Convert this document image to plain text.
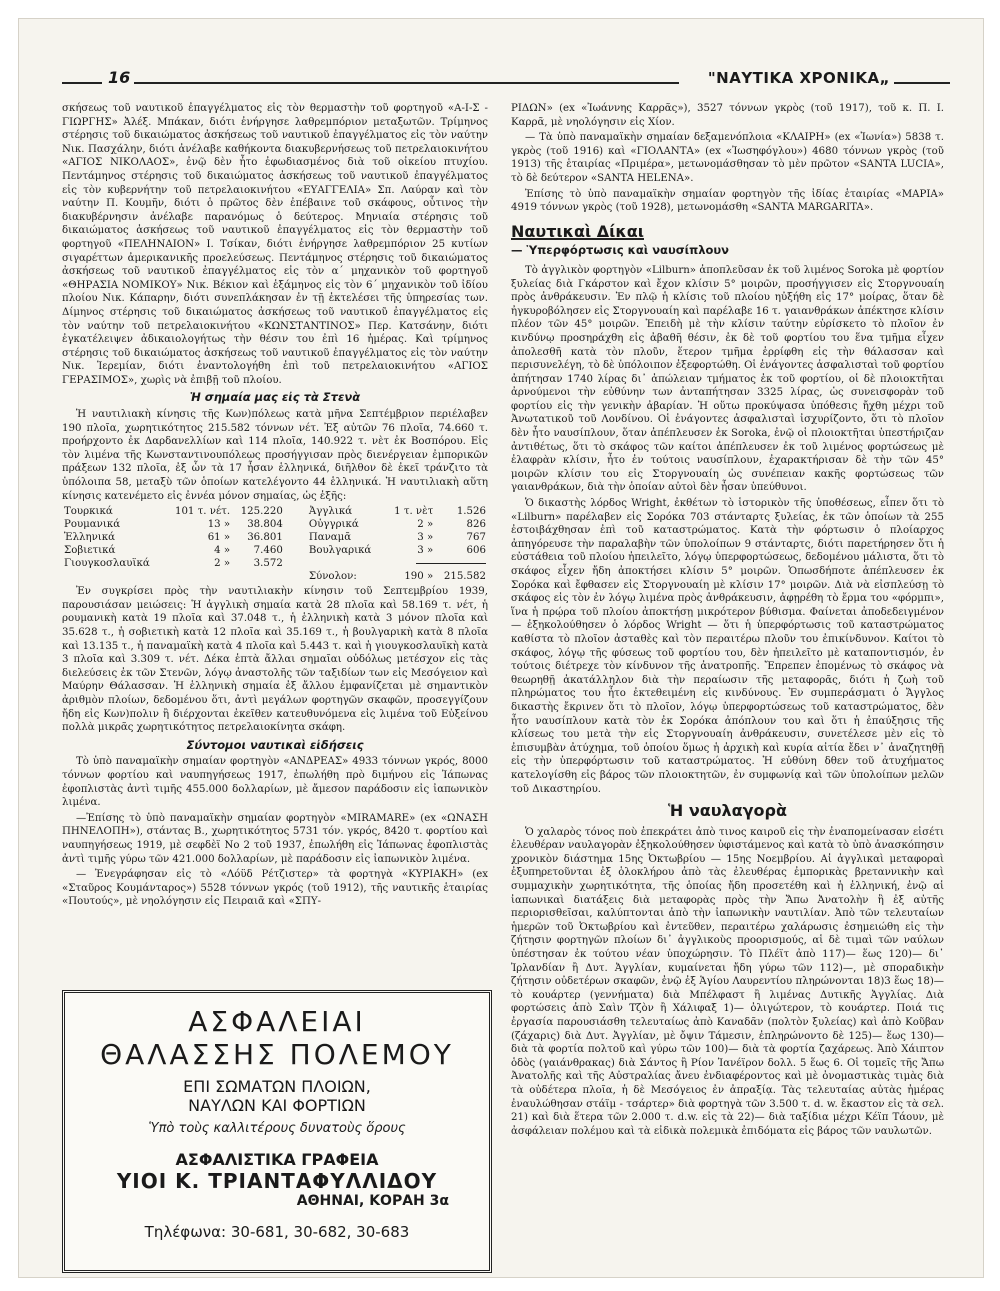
16	"ΝΑΥΤΙΚΑ ΧΡΟΝΙΚΑ„

σκήσεως τοῦ ναυτικοῦ ἐπαγγέλματος εἰς τὸν θερμαστὴν τοῦ φορτηγοῦ «Α-Ι-Σ - ΓΙΩΡΓΗΣ» Ἀλέξ. Μπάκαν, διότι ἐνήργησε λαθρεμπόριον μεταξωτῶν. Τρίμηνος στέρησις τοῦ δικαιώματος ἀσκήσεως τοῦ ναυτικοῦ ἐπαγγέλματος εἰς τὸν ναύτην Νικ. Πασχάλην, διότι ἀνέλαβε καθήκοντα διακυβερνήσεως τοῦ πετρελαιοκινήτου «ΑΓΙΟΣ ΝΙΚΟΛΑΟΣ», ἐνῷ δὲν ἦτο ἐφωδιασμένος διὰ τοῦ οἰκείου πτυχίου. Πεντάμηνος στέρησις τοῦ δικαιώματος ἀσκήσεως τοῦ ναυτικοῦ ἐπαγγέλματος εἰς τὸν κυβερνήτην τοῦ πετρελαιοκινήτου «ΕΥΑΓΓΕΛΙΑ» Σπ. Λαύραν καὶ τὸν ναύτην Π. Κουμῆν, διότι ὁ πρῶτος δὲν ἐπέβαινε τοῦ σκάφους, οὗτινος τὴν διακυβέρνησιν ἀνέλαβε παρανόμως ὁ δεύτερος. Μηνιαία στέρησις τοῦ δικαιώματος ἀσκήσεως τοῦ ναυτικοῦ ἐπαγγέλματος εἰς τὸν θερμαστὴν τοῦ φορτηγοῦ «ΠΕΛΗΝΑΙΟΝ» Ι. Τσίκαν, διότι ἐνήργησε λαθρεμπόριον 25 κυτίων σιγαρέττων ἀμερικανικῆς προελεύσεως. Πεντάμηνος στέρησις τοῦ δικαιώματος ἀσκήσεως τοῦ ναυτικοῦ ἐπαγγέλματος εἰς τὸν α´ μηχανικὸν τοῦ φορτηγοῦ «ΘΗΡΑΣΙΑ ΝΟΜΙΚΟΥ» Νικ. Βέκιον καὶ ἑξάμηνος εἰς τὸν 6´ μηχανικὸν τοῦ ἰδίου πλοίου Νικ. Κάπαρην, διότι συνεπλάκησαν ἐν τῇ ἐκτελέσει τῆς ὑπηρεσίας των. Δίμηνος στέρησις τοῦ δικαιώματος ἀσκήσεως τοῦ ναυτικοῦ ἐπαγγέλματος εἰς τὸν ναύτην τοῦ πετρελαιοκινήτου «ΚΩΝΣΤΑΝΤΙΝΟΣ» Περ. Κατσάνην, διότι ἐγκατέλειψεν ἀδικαιολογήτως τὴν θέσιν του ἐπὶ 16 ἡμέρας. Καὶ τρίμηνος στέρησις τοῦ δικαιώματος ἀσκήσεως τοῦ ναυτικοῦ ἐπαγγέλματος εἰς τὸν ναύτην Νικ. Ἱερεμίαν, διότι ἐναντολογήθη ἐπὶ τοῦ πετρελαιοκινήτου «ΑΓΙΟΣ ΓΕΡΑΣΙΜΟΣ», χωρὶς νὰ ἐπιβῇ τοῦ πλοίου.

Ἡ σημαία μας εἰς τὰ Στενὰ

Ἡ ναυτιλιακὴ κίνησις τῆς Κων)πόλεως κατὰ μῆνα Σεπτέμβριον περιέλαβεν 190 πλοῖα, χωρητικότητος 215.582 τόννων νέτ. Ἐξ αὐτῶν 76 πλοῖα, 74.660 τ. προήρχοντο ἐκ Δαρδανελλίων καὶ 114 πλοῖα, 140.922 τ. νὲτ ἐκ Βοσπόρου. Εἰς τὸν λιμένα τῆς Κωνσταντινουπόλεως προσήγγισαν πρὸς διενέργειαν ἐμπορικῶν πράξεων 132 πλοῖα, ἐξ ὧν τὰ 17 ἦσαν ἑλληνικά, διῆλθον δὲ ἐκεῖ τράνζιτο τὰ ὑπόλοιπα 58, μεταξὺ τῶν ὁποίων κατελέγοντο 44 ἑλληνικά. Ἡ ναυτιλιακὴ αὕτη κίνησις κατενέμετο εἰς ἐννέα μόνον σημαίας, ὡς ἑξῆς:

Τουρκικά	101 τ. νέτ.	125.220	Ἀγγλικά	1 τ. νὲτ	1.526
Ρουμανικά	13 »	38.804	Οὐγγρικά	2 »	826
Ἑλληνικά	61 »	36.801	Παναμᾶ	3 »	767
Σοβιετικά	4 »	7.460	Βουλγαρικά	3 »	606
Γιουγκοσλαυϊκά	2 »	3.572			

			Σύνολον:	190 »	215.582

Ἐν συγκρίσει πρὸς τὴν ναυτιλιακὴν κίνησιν τοῦ Σεπτεμβρίου 1939, παρουσιάσαν μειώσεις: Ἡ ἀγγλικὴ σημαία κατὰ 28 πλοῖα καὶ 58.169 τ. νέτ, ἡ ρουμανικὴ κατὰ 19 πλοῖα καὶ 37.048 τ., ἡ ἑλληνικὴ κατὰ 3 μόνον πλοῖα καὶ 35.628 τ., ἡ σοβιετικὴ κατὰ 12 πλοῖα καὶ 35.169 τ., ἡ βουλγαρικὴ κατὰ 8 πλοῖα καὶ 13.135 τ., ἡ παναμαϊκὴ κατὰ 4 πλοῖα καὶ 5.443 τ. καὶ ἡ γιουγκοσλαυϊκὴ κατὰ 3 πλοῖα καὶ 3.309 τ. νέτ. Δέκα ἑπτὰ ἄλλαι σημαῖαι οὐδόλως μετέσχον εἰς τὰς διελεύσεις ἐκ τῶν Στενῶν, λόγῳ ἀναστολῆς τῶν ταξιδίων των εἰς Μεσόγειον καὶ Μαύρην Θάλασσαν. Ἡ ἑλληνικὴ σημαία ἐξ ἄλλου ἐμφανίζεται μὲ σημαντικὸν ἀριθμὸν πλοίων, δεδομένου ὅτι, ἀντὶ μεγάλων φορτηγῶν σκαφῶν, προσεγγίζουν ἤδη εἰς Κων)πολιν ἢ διέρχονται ἐκεῖθεν κατευθυνόμενα εἰς λιμένα τοῦ Εὐξείνου πολλὰ μικρᾶς χωρητικότητος πετρελαιοκίνητα σκάφη.

Σύντομοι ναυτικαὶ εἰδήσεις

Τὸ ὑπὸ παναμαϊκὴν σημαίαν φορτηγὸν «ΑΝΔΡΕΑΣ» 4933 τόννων γκρός, 8000 τόννων φορτίου καὶ ναυπηγήσεως 1917, ἐπωλήθη πρὸ διμήνου εἰς Ἰάπωνας ἐφοπλιστὰς ἀντὶ τιμῆς 455.000 δολλαρίων, μὲ ἄμεσον παράδοσιν εἰς ἰαπωνικὸν λιμένα.

—Ἐπίσης τὸ ὑπὸ παναμαϊκὴν σημαίαν φορτηγὸν «MIRAMARE» (ex «ΩΝΑΣΗ ΠΗΝΕΛΟΠΗ»), στάντας Β., χωρητικότητος 5731 τόν. γκρός, 8420 τ. φορτίου καὶ ναυπηγήσεως 1919, μὲ σεφδὲϊ Νο 2 τοῦ 1937, ἐπωλήθη εἰς Ἰάπωνας ἐφοπλιστὰς ἀντὶ τιμῆς γύρω τῶν 421.000 δολλαρίων, μὲ παράδοσιν εἰς ἰαπωνικὸν λιμένα.

— Ἐνεγράφησαν εἰς τὸ «Λόϋδ Ρέτζιστερ» τὰ φορτηγὰ «ΚΥΡΙΑΚΗ» (ex «Σταῦρος Κουμάνταρος») 5528 τόννων γκρός (τοῦ 1912), τῆς ναυτικῆς ἑταιρίας «Πουτούς», μὲ νηολόγησιν εἰς Πειραιᾶ καὶ «ΣΠΥ-

ΑΣΦΑΛΕΙΑΙ
ΘΑΛΑΣΣΗΣ ΠΟΛΕΜΟΥ
ΕΠΙ ΣΩΜΑΤΩΝ ΠΛΟΙΩΝ,
ΝΑΥΛΩΝ ΚΑΙ ΦΟΡΤΙΩΝ
Ὑπὸ τοὺς καλλιτέρους δυνατοὺς ὅρους
ΑΣΦΑΛΙΣΤΙΚΑ ΓΡΑΦΕΙΑ
ΥΙΟΙ Κ. ΤΡΙΑΝΤΑΦΥΛΛΙΔΟΥ
ΑΘΗΝΑΙ, ΚΟΡΑΗ 3α
Τηλέφωνα: 30-681, 30-682, 30-683

ΡΙΔΩΝ» (ex «Ἰωάννης Καρρᾶς»), 3527 τόννων γκρὸς (τοῦ 1917), τοῦ κ. Π. Ι. Καρρᾶ, μὲ νηολόγησιν εἰς Χίον.

— Τὰ ὑπὸ παναμαϊκὴν σημαίαν δεξαμενόπλοια «ΚΛΑΙΡΗ» (ex «Ἰωνία») 5838 τ. γκρὸς (τοῦ 1916) καὶ «ΓΙΟΛΑΝΤΑ» (ex «Ἰωσηφόγλου») 4680 τόννων γκρὸς (τοῦ 1913) τῆς ἑταιρίας «Πριμέρα», μετωνομάσθησαν τὸ μὲν πρῶτον «SANTA LUCIA», τὸ δὲ δεύτερον «SANTA HELENA».

Ἐπίσης τὸ ὑπὸ παναμαϊκὴν σημαίαν φορτηγὸν τῆς ἰδίας ἑταιρίας «ΜΑΡΙΑ» 4919 τόννων γκρὸς (τοῦ 1928), μετωνομάσθη «SANTA MARGARITA».

Ναυτικαὶ Δίκαι
— Ὑπερφόρτωσις καὶ ναυσίπλουν

Τὸ ἀγγλικὸν φορτηγὸν «Lilburn» ἀποπλεῦσαν ἐκ τοῦ λιμένος Soroka μὲ φορτίον ξυλείας διὰ Γκάρστον καὶ ἔχον κλίσιν 5° μοιρῶν, προσήγγισεν εἰς Στοργνουαίη πρὸς ἀνθράκευσιν. Ἐν πλῷ ἡ κλίσις τοῦ πλοίου ηὐξήθη εἰς 17° μοίρας, ὅταν δὲ ἠγκυροβόλησεν εἰς Στοργνουαίη καὶ παρέλαβε 16 τ. γαιανθράκων ἀπέκτησε κλίσιν πλέον τῶν 45° μοιρῶν. Ἐπειδὴ μὲ τὴν κλίσιν ταύτην εὑρίσκετο τὸ πλοῖον ἐν κινδύνῳ προσηράχθη εἰς ἀβαθῆ θέσιν, ἐκ δὲ τοῦ φορτίου του ἕνα τμῆμα εἶχεν ἀπολεσθῆ κατὰ τὸν πλοῦν, ἕτερον τμῆμα ἐρρίφθη εἰς τὴν θάλασσαν καὶ περισυνελέγη, τὸ δὲ ὑπόλοιπον ἐξεφορτώθη. Οἱ ἐνάγοντες ἀσφαλισταὶ τοῦ φορτίου ἀπήτησαν 1740 λίρας δι᾽ ἀπώλειαν τμήματος ἐκ τοῦ φορτίου, οἱ δὲ πλοιοκτῆται ἀρνούμενοι τὴν εὐθύνην των ἀνταπήτησαν 3325 λίρας, ὡς συνεισφορὰν τοῦ φορτίου εἰς τὴν γενικὴν ἀβαρίαν. Ἡ οὕτω προκύψασα ὑπόθεσις ἤχθη μέχρι τοῦ Ἀνωτατικοῦ τοῦ Λονδίνου. Οἱ ἐνάγοντες ἀσφαλισταὶ ἰσχυρίζοντο, ὅτι τὸ πλοῖον δὲν ἦτο ναυσίπλουν, ὅταν ἀπέπλευσεν ἐκ Soroka, ἐνῷ οἱ πλοιοκτῆται ὑπεστήριζαν ἀντιθέτως, ὅτι τὸ σκάφος τῶν καίτοι ἀπέπλευσεν ἐκ τοῦ λιμένος φορτώσεως μὲ ἐλαφρὰν κλίσιν, ἦτο ἐν τούτοις ναυσίπλουν, ἐχαρακτήρισαν δὲ τὴν τῶν 45° μοιρῶν κλίσιν του εἰς Στοργνουαίη ὡς συνέπειαν κακῆς φορτώσεως τῶν γαιανθράκων, διὰ τὴν ὁποίαν αὐτοὶ δὲν ἦσαν ὑπεύθυνοι.

Ὁ δικαστὴς λόρδος Wright, ἐκθέτων τὸ ἱστορικὸν τῆς ὑποθέσεως, εἶπεν ὅτι τὸ «Lilburn» παρέλαβεν εἰς Σορόκα 703 στάνταρτς ξυλείας, ἐκ τῶν ὁποίων τὰ 255 ἐστοιβάχθησαν ἐπὶ τοῦ καταστρώματος. Κατὰ τὴν φόρτωσιν ὁ πλοίαρχος ἀπηγόρευσε τὴν παραλαβὴν τῶν ὑπολοίπων 9 στάνταρτς, διότι παρετήρησεν ὅτι ἡ εὐστάθεια τοῦ πλοίου ἠπειλεῖτο, λόγῳ ὑπερφορτώσεως, δεδομένου μάλιστα, ὅτι τὸ σκάφος εἶχεν ἤδη ἀποκτήσει κλίσιν 5° μοιρῶν. Ὁπωσδήποτε ἀπέπλευσεν ἐκ Σορόκα καὶ ἔφθασεν εἰς Στοργνουαίη μὲ κλίσιν 17° μοιρῶν. Διὰ νὰ εἰσπλεύσῃ τὸ σκάφος εἰς τὸν ἐν λόγῳ λιμένα πρὸς ἀνθράκευσιν, ἀφῃρέθη τὸ ἔρμα του «φόρμπι», ἵνα ἡ πρῴρα τοῦ πλοίου ἀποκτήσῃ μικρότερον βύθισμα. Φαίνεται ἀποδεδειγμένον — ἐξηκολούθησεν ὁ λόρδος Wright — ὅτι ἡ ὑπερφόρτωσις τοῦ καταστρώματος καθίστα τὸ πλοῖον ἀσταθὲς καὶ τὸν περαιτέρω πλοῦν του ἐπικίνδυνον. Καίτοι τὸ σκάφος, λόγῳ τῆς φύσεως τοῦ φορτίου του, δὲν ἠπειλεῖτο μὲ καταποντισμόν, ἐν τούτοις διέτρεχε τὸν κίνδυνον τῆς ἀνατροπῆς. Ἔπρεπεν ἑπομένως τὸ σκάφος νὰ θεωρηθῇ ἀκατάλληλον διὰ τὴν περαίωσιν τῆς μεταφορᾶς, διότι ἡ ζωὴ τοῦ πληρώματος του ἦτο ἐκτεθειμένη εἰς κινδύνους. Ἐν συμπεράσματι ὁ Ἄγγλος δικαστὴς ἔκρινεν ὅτι τὸ πλοῖον, λόγῳ ὑπερφορτώσεως τοῦ καταστρώματος, δὲν ἦτο ναυσίπλουν κατὰ τὸν ἐκ Σορόκα ἀπόπλουν του καὶ ὅτι ἡ ἐπαύξησις τῆς κλίσεως του μετὰ τὴν εἰς Στοργνουαίη ἀνθράκευσιν, συνετέλεσε μὲν εἰς τὸ ἐπισυμβὰν ἀτύχημα, τοῦ ὁποίου ὅμως ἡ ἀρχικὴ καὶ κυρία αἰτία ἔδει ν᾽ ἀναζητηθῇ εἰς τὴν ὑπερφόρτωσιν τοῦ καταστρώματος. Ἡ εὐθύνη δθεν τοῦ ἀτυχήματος κατελογίσθη εἰς βάρος τῶν πλοιοκτητῶν, ἐν συμφωνίᾳ καὶ τῶν ὑπολοίπων μελῶν τοῦ Δικαστηρίου.

Ἡ ναυλαγορὰ

Ὁ χαλαρὸς τόνος ποὺ ἐπεκράτει ἀπὸ τινος καιροῦ εἰς τὴν ἐναπομείνασαν εἰσέτι ἐλευθέραν ναυλαγορὰν ἐξηκολούθησεν ὑφιστάμενος καὶ κατὰ τὸ ὑπὸ ἀνασκόπησιν χρονικὸν διάστημα 15ης Ὀκτωβρίου — 15ης Νοεμβρίου. Αἱ ἀγγλικαὶ μεταφοραὶ ἐξυπηρετοῦνται ἐξ ὁλοκλήρου ἀπὸ τὰς ἐλευθέρας ἐμπορικὰς βρεταννικὴν καὶ συμμαχικὴν χωρητικότητα, τῆς ὁποίας ἤδη προσετέθη καὶ ἡ ἑλληνική, ἐνῷ αἱ ἰαπωνικαὶ διατάξεις διὰ μεταφορὰς πρὸς τὴν Ἄπω Ἀνατολὴν ἢ ἐξ αὐτῆς περιορισθεῖσαι, καλύπτονται ἀπὸ τὴν ἰαπωνικὴν ναυτιλίαν. Ἀπὸ τῶν τελευταίων ἡμερῶν τοῦ Ὀκτωβρίου καὶ ἐντεῦθεν, περαιτέρω χαλάρωσις ἐσημειώθη εἰς τὴν ζήτησιν φορτηγῶν πλοίων δι᾽ ἀγγλικοὺς προορισμούς, αἱ δὲ τιμαὶ τῶν ναύλων ὑπέστησαν ἐκ τούτου νέαν ὑποχώρησιν. Τὸ Πλέϊτ ἀπὸ 117)— ἕως 120)— δι᾽ Ἰρλανδίαν ἢ Δυτ. Ἀγγλίαν, κυμαίνεται ἤδη γύρω τῶν 112)—, μὲ σποραδικὴν ζήτησιν οὐδετέρων σκαφῶν, ἐνῷ ἐξ Ἁγίου Λαυρεντίου πληρώνονται 18)3 ἕως 18)— τὸ κουάρτερ (γεννήματα) διὰ Μπέλφαστ ἢ λιμένας Δυτικῆς Ἀγγλίας. Διὰ φορτώσεις ἀπὸ Σαὶν Τζὸν ἢ Χάλιφαξ 1)— ὀλιγώτερον, τὸ κουάρτερ. Ποιά τις ἐργασία παρουσιάσθη τελευταίως ἀπὸ Καναδᾶν (πολτὸν ξυλείας) καὶ ἀπὸ Κοῦβαν (ζάχαρις) διὰ Δυτ. Ἀγγλίαν, μὲ ὄψιν Τάμεσιν, ἐπληρώνοντο δὲ 125)— ἕως 130)— διὰ τὰ φορτία πολτοῦ καὶ γύρω τῶν 100)— διὰ τὰ φορτία ζαχάρεως. Ἀπὸ Χάιπτον ὁδὸς (γαιάνθρακας) διὰ Σάντος ἢ Ρίον Ἰανέϊρον δολλ. 5 ἕως 6. Οἱ τομεῖς τῆς Ἄπω Ἀνατολῆς καὶ τῆς Αὐστραλίας ἄνευ ἐνδιαφέροντος καὶ μὲ ὀνομαστικὰς τιμὰς διὰ τὰ οὐδέτερα πλοῖα, ἡ δὲ Μεσόγειος ἐν ἀπραξίᾳ. Τὰς τελευταίας αὐτὰς ἡμέρας ἐναυλώθησαν στάϊμ - τσάρτερ» διὰ φορτηγὰ τῶν 3.500 τ. d. w. ἔκαστον εἰς τὰ σελ. 21) καὶ διὰ ἕτερα τῶν 2.000 τ. d.w. εἰς τὰ 22)— διὰ ταξίδια μέχρι Κέϊπ Τάουν, μὲ ἀσφάλειαν πολέμου καὶ τὰ εἰδικὰ πολεμικὰ ἐπιδόματα εἰς βάρος τῶν ναυλωτῶν.
